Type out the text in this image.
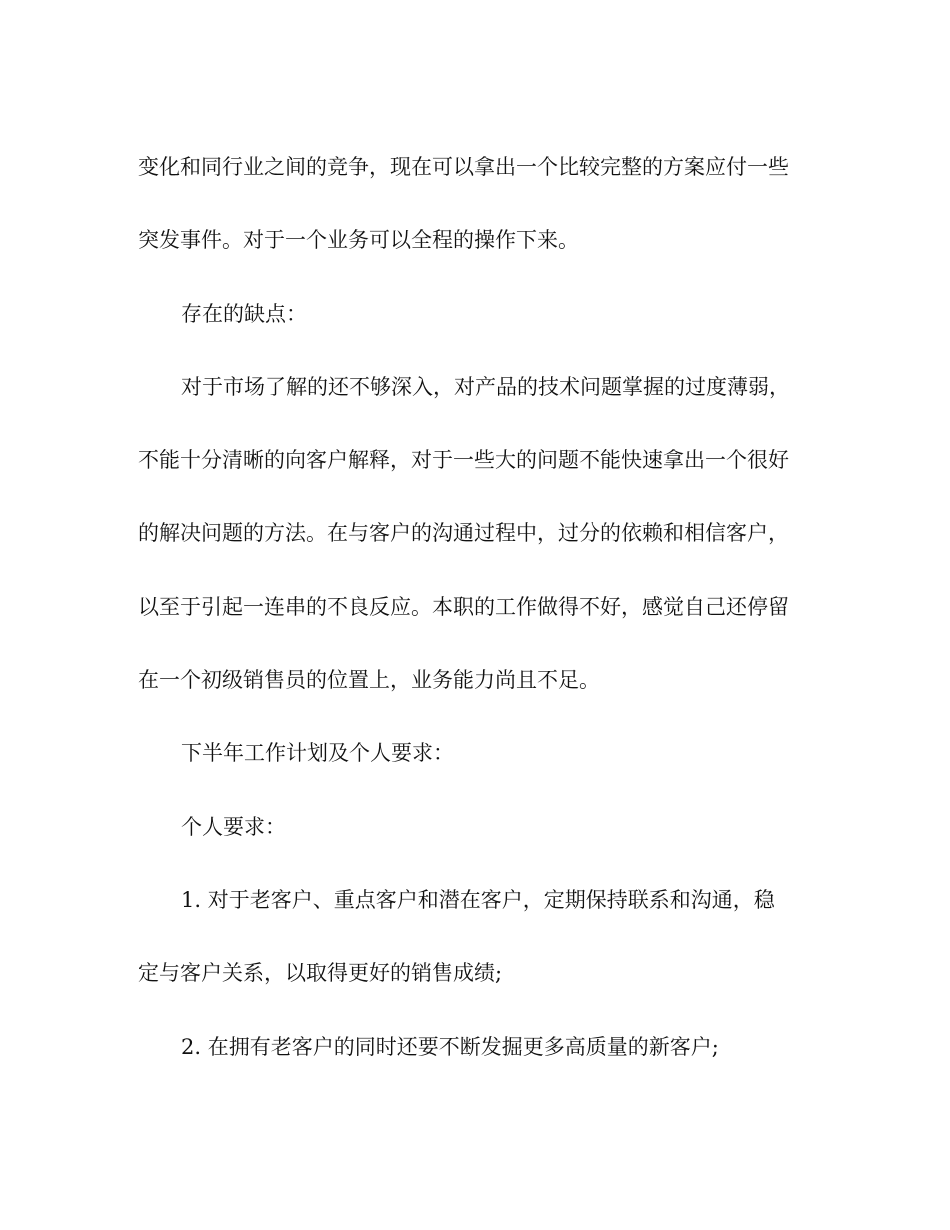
变化和同行业之间的竞争，现在可以拿出一个比较完整的方案应付一些
突发事件。对于一个业务可以全程的操作下来。

存在的缺点：

对于市场了解的还不够深入，对产品的技术问题掌握的过度薄弱，
不能十分清晰的向客户解释，对于一些大的问题不能快速拿出一个很好
的解决问题的方法。在与客户的沟通过程中，过分的依赖和相信客户，
以至于引起一连串的不良反应。本职的工作做得不好，感觉自己还停留
在一个初级销售员的位置上，业务能力尚且不足。

下半年工作计划及个人要求：

个人要求：

1. 对于老客户、重点客户和潜在客户，定期保持联系和沟通，稳
定与客户关系，以取得更好的销售成绩;

2. 在拥有老客户的同时还要不断发掘更多高质量的新客户;
